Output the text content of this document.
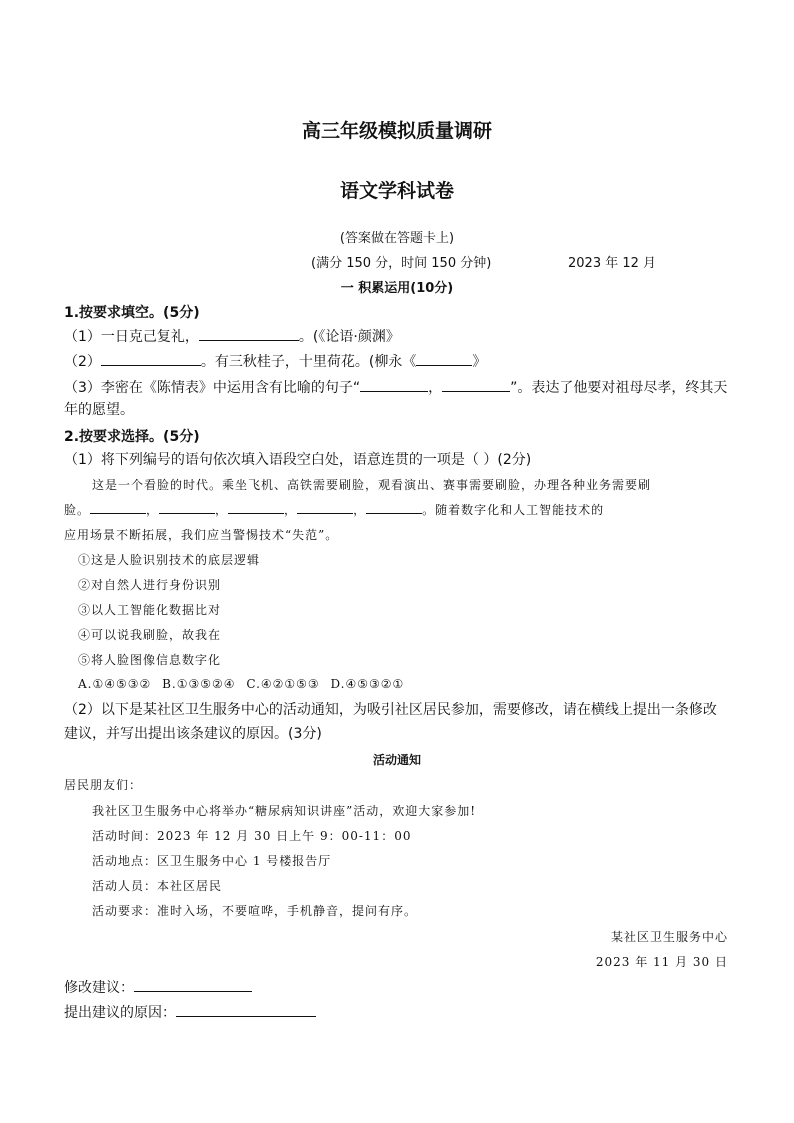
高三年级模拟质量调研
语文学科试卷
(答案做在答题卡上)
(满分 150 分，时间 150 分钟)	2023 年 12 月
一 积累运用(10分)
1.按要求填空。(5分)
（1）一日克己复礼，	。(《论语·颜渊》
（2）	。有三秋桂子，十里荷花。(柳永《	》
（3）李密在《陈情表》中运用含有比喻的句子“	，	”。表达了他要对祖母尽孝，终其天
年的愿望。
2.按要求选择。(5分)
（1）将下列编号的语句依次填入语段空白处，语意连贯的一项是（ ）(2分)
这是一个看脸的时代。乘坐飞机、高铁需要刷脸，观看演出、赛事需要刷脸，办理各种业务需要刷
脸。	，	，	，	，	。随着数字化和人工智能技术的
应用场景不断拓展，我们应当警惕技术“失范”。
①这是人脸识别技术的底层逻辑
②对自然人进行身份识别
③以人工智能化数据比对
④可以说我刷脸，故我在
⑤将人脸图像信息数字化
A.①④⑤③② B.①③⑤②④ C.④②①⑤③ D.④⑤③②①
（2）以下是某社区卫生服务中心的活动通知，为吸引社区居民参加，需要修改，请在横线上提出一条修改建议，并写出提出该条建议的原因。(3分)
活动通知
居民朋友们：
我社区卫生服务中心将举办“糖尿病知识讲座”活动，欢迎大家参加!
活动时间：2023 年 12 月 30 日上午 9：00-11：00
活动地点：区卫生服务中心 1 号楼报告厅
活动人员：本社区居民
活动要求：准时入场，不要喧哗，手机静音，提问有序。
某社区卫生服务中心
2023 年 11 月 30 日
修改建议：
提出建议的原因：
